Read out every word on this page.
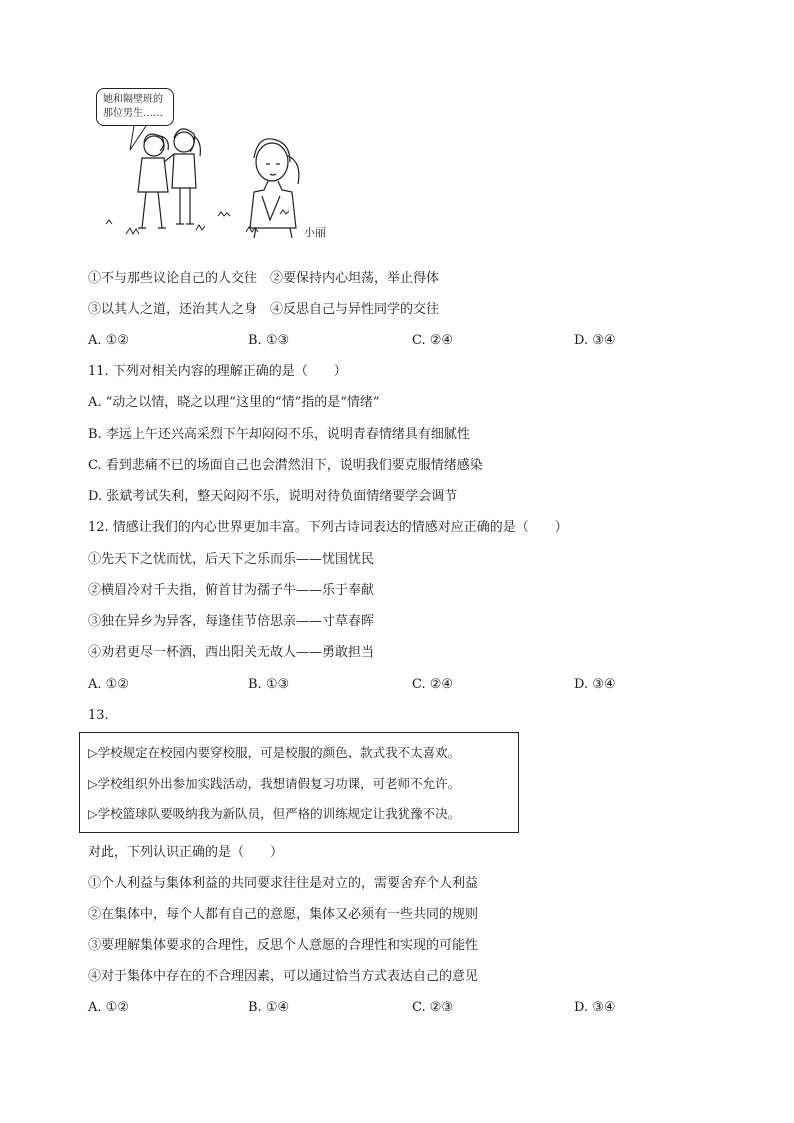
她和隔壁班的
那位男生……
小丽
①不与那些议论自己的人交往　②要保持内心坦荡，举止得体
③以其人之道，还治其人之身　④反思自己与异性同学的交往
A. ①②	B. ①③	C. ②④	D. ③④
11. 下列对相关内容的理解正确的是（　　）
A. “动之以情，晓之以理”这里的“情”指的是“情绪”
B. 李远上午还兴高采烈下午却闷闷不乐，说明青春情绪具有细腻性
C. 看到悲痛不已的场面自己也会潸然泪下，说明我们要克服情绪感染
D. 张斌考试失利，整天闷闷不乐，说明对待负面情绪要学会调节
12. 情感让我们的内心世界更加丰富。下列古诗词表达的情感对应正确的是（　　）
①先天下之忧而忧，后天下之乐而乐——忧国忧民
②横眉冷对千夫指，俯首甘为孺子牛——乐于奉献
③独在异乡为异客，每逢佳节倍思亲——寸草春晖
④劝君更尽一杯酒，西出阳关无故人——勇敢担当
A. ①②	B. ①③	C. ②④	D. ③④
13.
▷学校规定在校园内要穿校服，可是校服的颜色、款式我不太喜欢。
▷学校组织外出参加实践活动，我想请假复习功课，可老师不允许。
▷学校篮球队要吸纳我为新队员，但严格的训练规定让我犹豫不决。
对此，下列认识正确的是（　　）
①个人利益与集体利益的共同要求往往是对立的，需要舍弃个人利益
②在集体中，每个人都有自己的意愿，集体又必须有一些共同的规则
③要理解集体要求的合理性，反思个人意愿的合理性和实现的可能性
④对于集体中存在的不合理因素，可以通过恰当方式表达自己的意见
A. ①②	B. ①④	C. ②③	D. ③④
